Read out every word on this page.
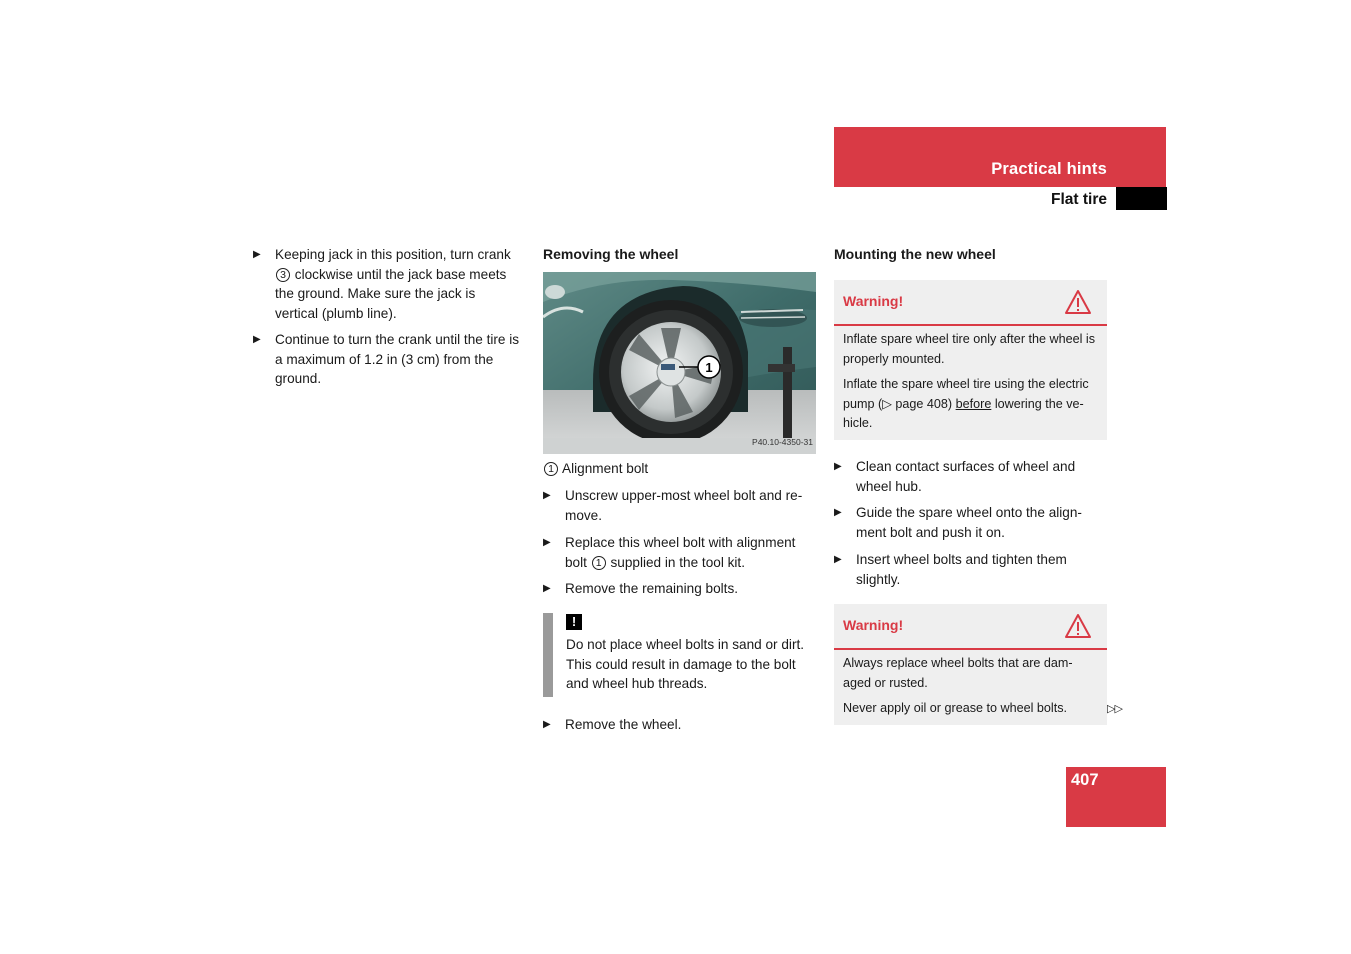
Practical hints
Flat tire
▶ Keeping jack in this position, turn crank 3 clockwise until the jack base meets the ground. Make sure the jack is vertical (plumb line).
▶ Continue to turn the crank until the tire is a maximum of 1.2 in (3 cm) from the ground.
Removing the wheel
1
P40.10-4350-31
1 Alignment bolt
▶ Unscrew upper-most wheel bolt and re-move.
▶ Replace this wheel bolt with alignment bolt 1 supplied in the tool kit.
▶ Remove the remaining bolts.
!
Do not place wheel bolts in sand or dirt. This could result in damage to the bolt and wheel hub threads.
▶ Remove the wheel.
Mounting the new wheel
Warning!

Inflate spare wheel tire only after the wheel is properly mounted.

Inflate the spare wheel tire using the electric pump (▷ page 408) before lowering the ve-hicle.

▶ Clean contact surfaces of wheel and wheel hub.
▶ Guide the spare wheel onto the align-ment bolt and push it on.
▶ Insert wheel bolts and tighten them slightly.
Warning!

Always replace wheel bolts that are dam-aged or rusted.

Never apply oil or grease to wheel bolts.	▷▷
407
